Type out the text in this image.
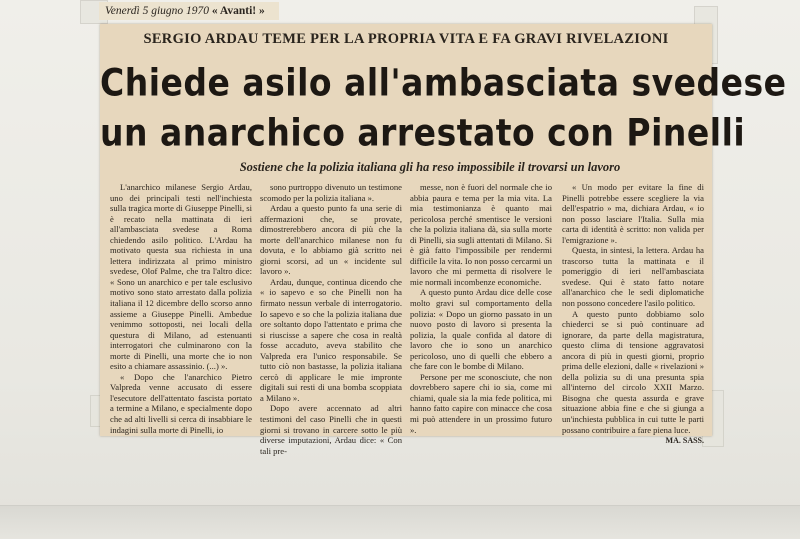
Venerdì 5 giugno 1970 « Avanti! »
SERGIO ARDAU TEME PER LA PROPRIA VITA E FA GRAVI RIVELAZIONI
Chiede asilo all'ambasciata svedese
un anarchico arrestato con Pinelli
Sostiene che la polizia italiana gli ha reso impossibile il trovarsi un lavoro

L'anarchico milanese Sergio Ardau, uno dei principali testi nell'inchiesta sulla tragica morte di Giuseppe Pinelli, si è recato nella mattinata di ieri all'ambasciata svedese a Roma chiedendo asilo politico. L'Ardau ha motivato questa sua richiesta in una lettera indirizzata al primo ministro svedese, Olof Palme, che tra l'altro dice: « Sono un anarchico e per tale esclusivo motivo sono stato arrestato dalla polizia italiana il 12 dicembre dello scorso anno assieme a Giuseppe Pinelli. Ambedue venimmo sottoposti, nei locali della questura di Milano, ad estenuanti interrogatori che culminarono con la morte di Pinelli, una morte che io non esito a chiamare assassinio. (...) ».

« Dopo che l'anarchico Pietro Valpreda venne accusato di essere l'esecutore dell'attentato fascista portato a termine a Milano, e specialmente dopo che ad alti livelli si cerca di insabbiare le indagini sulla morte di Pinelli, io

sono purtroppo divenuto un testimone scomodo per la polizia italiana ».

Ardau a questo punto fa una serie di affermazioni che, se provate, dimostrerebbero ancora di più che la morte dell'anarchico milanese non fu dovuta, e lo abbiamo già scritto nei giorni scorsi, ad un « incidente sul lavoro ».

Ardau, dunque, continua dicendo che « io sapevo e so che Pinelli non ha firmato nessun verbale di interrogatorio. Io sapevo e so che la polizia italiana due ore soltanto dopo l'attentato e prima che si riuscisse a sapere che cosa in realtà fosse accaduto, aveva stabilito che Valpreda era l'unico responsabile. Se tutto ciò non bastasse, la polizia italiana cercò di applicare le mie impronte digitali sui resti di una bomba scoppiata a Milano ».

Dopo avere accennato ad altri testimoni del caso Pinelli che in questi giorni si trovano in carcere sotto le più diverse imputazioni, Ardau dice: « Con tali pre-

messe, non è fuori del normale che io abbia paura e tema per la mia vita. La mia testimonianza è quanto mai pericolosa perché smentisce le versioni che la polizia italiana dà, sia sulla morte di Pinelli, sia sugli attentati di Milano. Si è già fatto l'impossibile per rendermi difficile la vita. Io non posso cercarmi un lavoro che mi permetta di risolvere le mie normali incombenze economiche.

A questo punto Ardau dice delle cose molto gravi sul comportamento della polizia: « Dopo un giorno passato in un nuovo posto di lavoro si presenta la polizia, la quale confida al datore di lavoro che io sono un anarchico pericoloso, uno di quelli che ebbero a che fare con le bombe di Milano.

Persone per me sconosciute, che non dovrebbero sapere chi io sia, come mi chiami, quale sia la mia fede politica, mi hanno fatto capire con minacce che cosa mi può attendere in un prossimo futuro ».

« Un modo per evitare la fine di Pinelli potrebbe essere scegliere la via dell'espatrio » ma, dichiara Ardau, « io non posso lasciare l'Italia. Sulla mia carta di identità è scritto: non valida per l'emigrazione ».

Questa, in sintesi, la lettera. Ardau ha trascorso tutta la mattinata e il pomeriggio di ieri nell'ambasciata svedese. Qui è stato fatto notare all'anarchico che le sedi diplomatiche non possono concedere l'asilo politico.

A questo punto dobbiamo solo chiederci se si può continuare ad ignorare, da parte della magistratura, questo clima di tensione aggravatosi ancora di più in questi giorni, proprio prima delle elezioni, dalle « rivelazioni » della polizia su di una presunta spia all'interno del circolo XXII Marzo. Bisogna che questa assurda e grave situazione abbia fine e che si giunga a un'inchiesta pubblica in cui tutte le parti possano contribuire a fare piena luce.

MA. SASS.
